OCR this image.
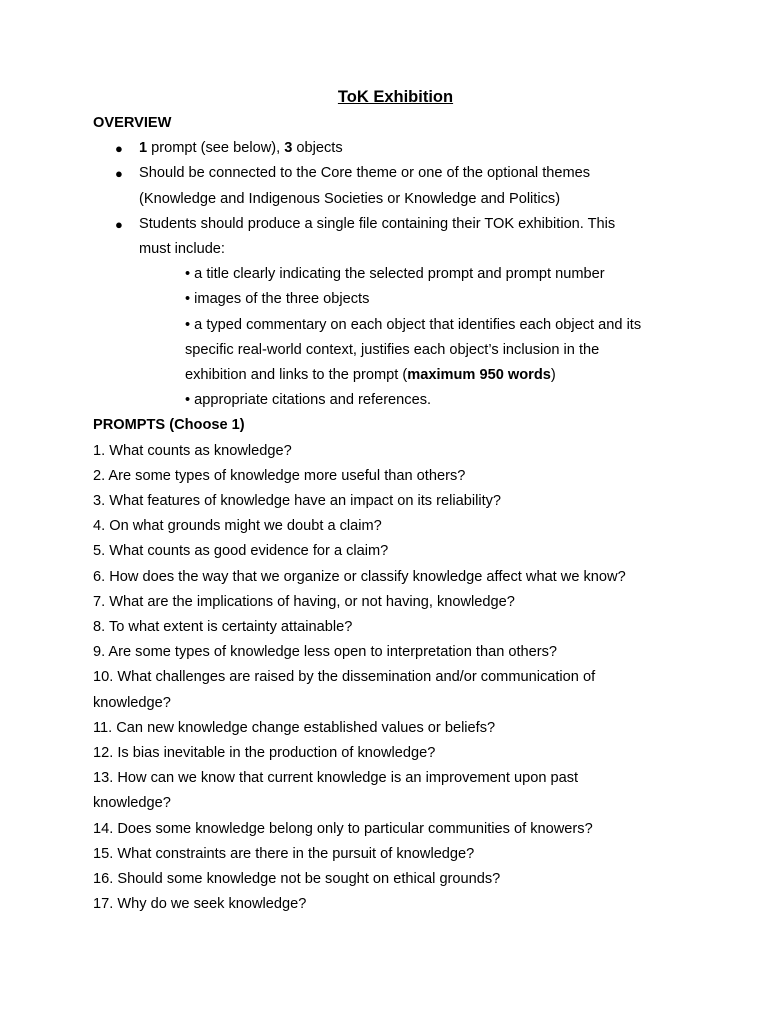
ToK Exhibition
OVERVIEW
● 1 prompt (see below), 3 objects
● Should be connected to the Core theme or one of the optional themes
(Knowledge and Indigenous Societies or Knowledge and Politics)
● Students should produce a single file containing their TOK exhibition. This
must include:
• a title clearly indicating the selected prompt and prompt number
• images of the three objects
• a typed commentary on each object that identifies each object and its
specific real-world context, justifies each object’s inclusion in the
exhibition and links to the prompt (maximum 950 words)
• appropriate citations and references.
PROMPTS (Choose 1)
1. What counts as knowledge?
2. Are some types of knowledge more useful than others?
3. What features of knowledge have an impact on its reliability?
4. On what grounds might we doubt a claim?
5. What counts as good evidence for a claim?
6. How does the way that we organize or classify knowledge affect what we know?
7. What are the implications of having, or not having, knowledge?
8. To what extent is certainty attainable?
9. Are some types of knowledge less open to interpretation than others?
10. What challenges are raised by the dissemination and/or communication of
knowledge?
11. Can new knowledge change established values or beliefs?
12. Is bias inevitable in the production of knowledge?
13. How can we know that current knowledge is an improvement upon past
knowledge?
14. Does some knowledge belong only to particular communities of knowers?
15. What constraints are there in the pursuit of knowledge?
16. Should some knowledge not be sought on ethical grounds?
17. Why do we seek knowledge?
